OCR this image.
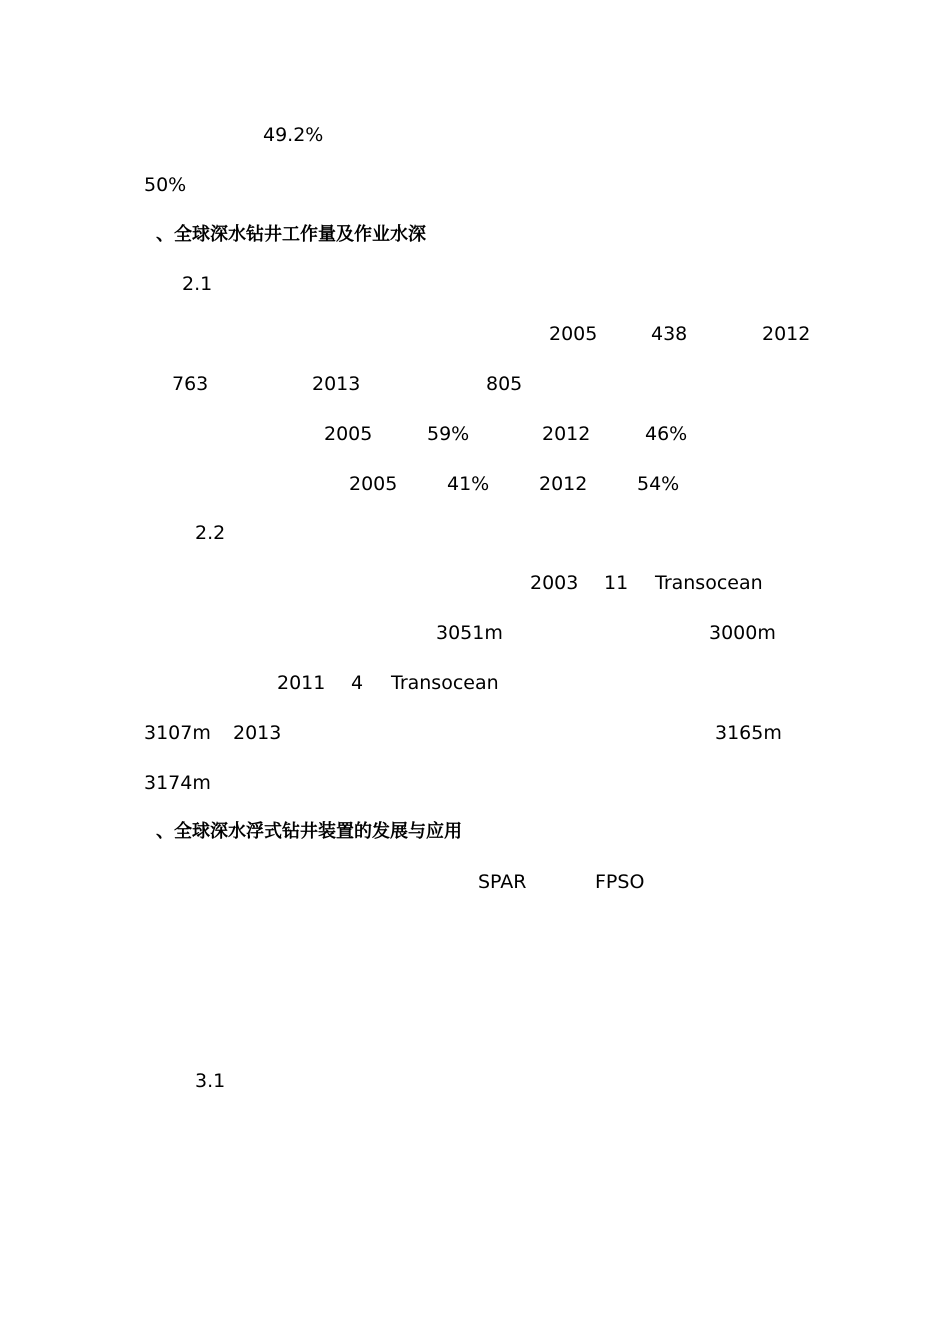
49.2%
50%
、全球深水钻井工作量及作业水深
2.1
2005	438	2012
763	2013	805
2005	59%	2012	46%
2005	41%	2012	54%
2.2
2003 11 Transocean
3051m	3000m
2011 4 Transocean
3107m 2013	3165m
3174m
、全球深水浮式钻井装置的发展与应用
SPAR	FPSO
3.1
